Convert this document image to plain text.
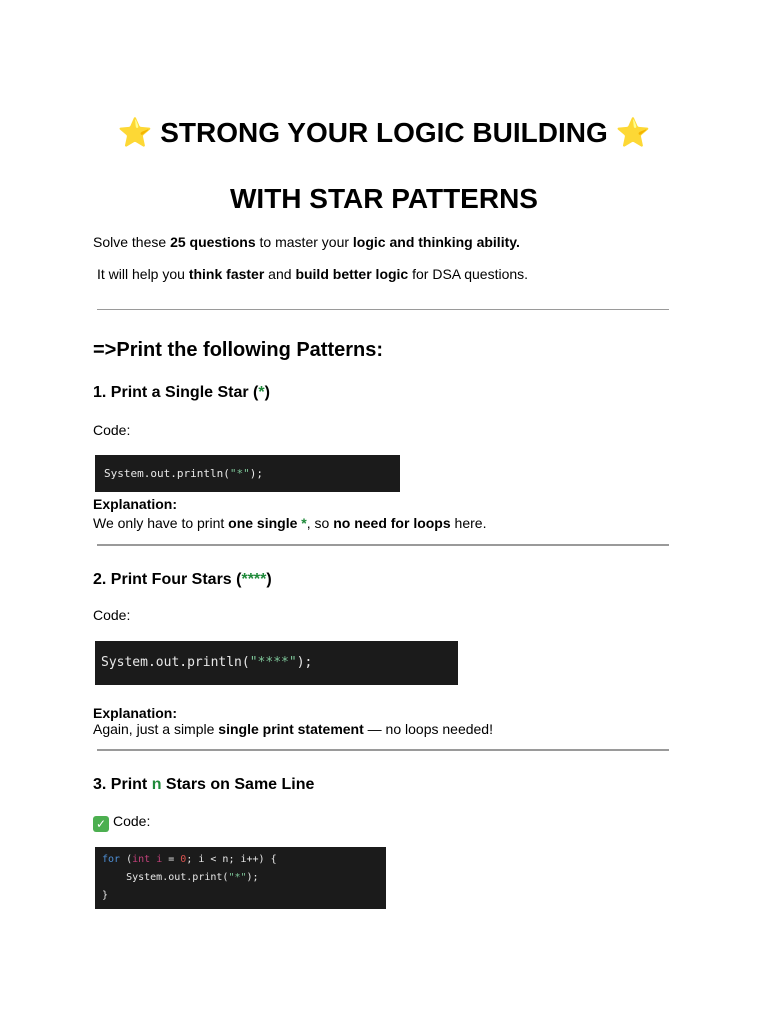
⭐ STRONG YOUR LOGIC BUILDING ⭐
WITH STAR PATTERNS
Solve these 25 questions to master your logic and thinking ability.
It will help you think faster and build better logic for DSA questions.
=>Print the following Patterns:
1. Print a Single Star (*)
Code:
System.out.println("*");
Explanation:
We only have to print one single *, so no need for loops here.
2. Print Four Stars (****)
Code:
System.out.println("****");
Explanation:
Again, just a simple single print statement — no loops needed!
3. Print n Stars on Same Line
✓ Code:
for (int i = 0; i < n; i++) {
System.out.print("*");
}
